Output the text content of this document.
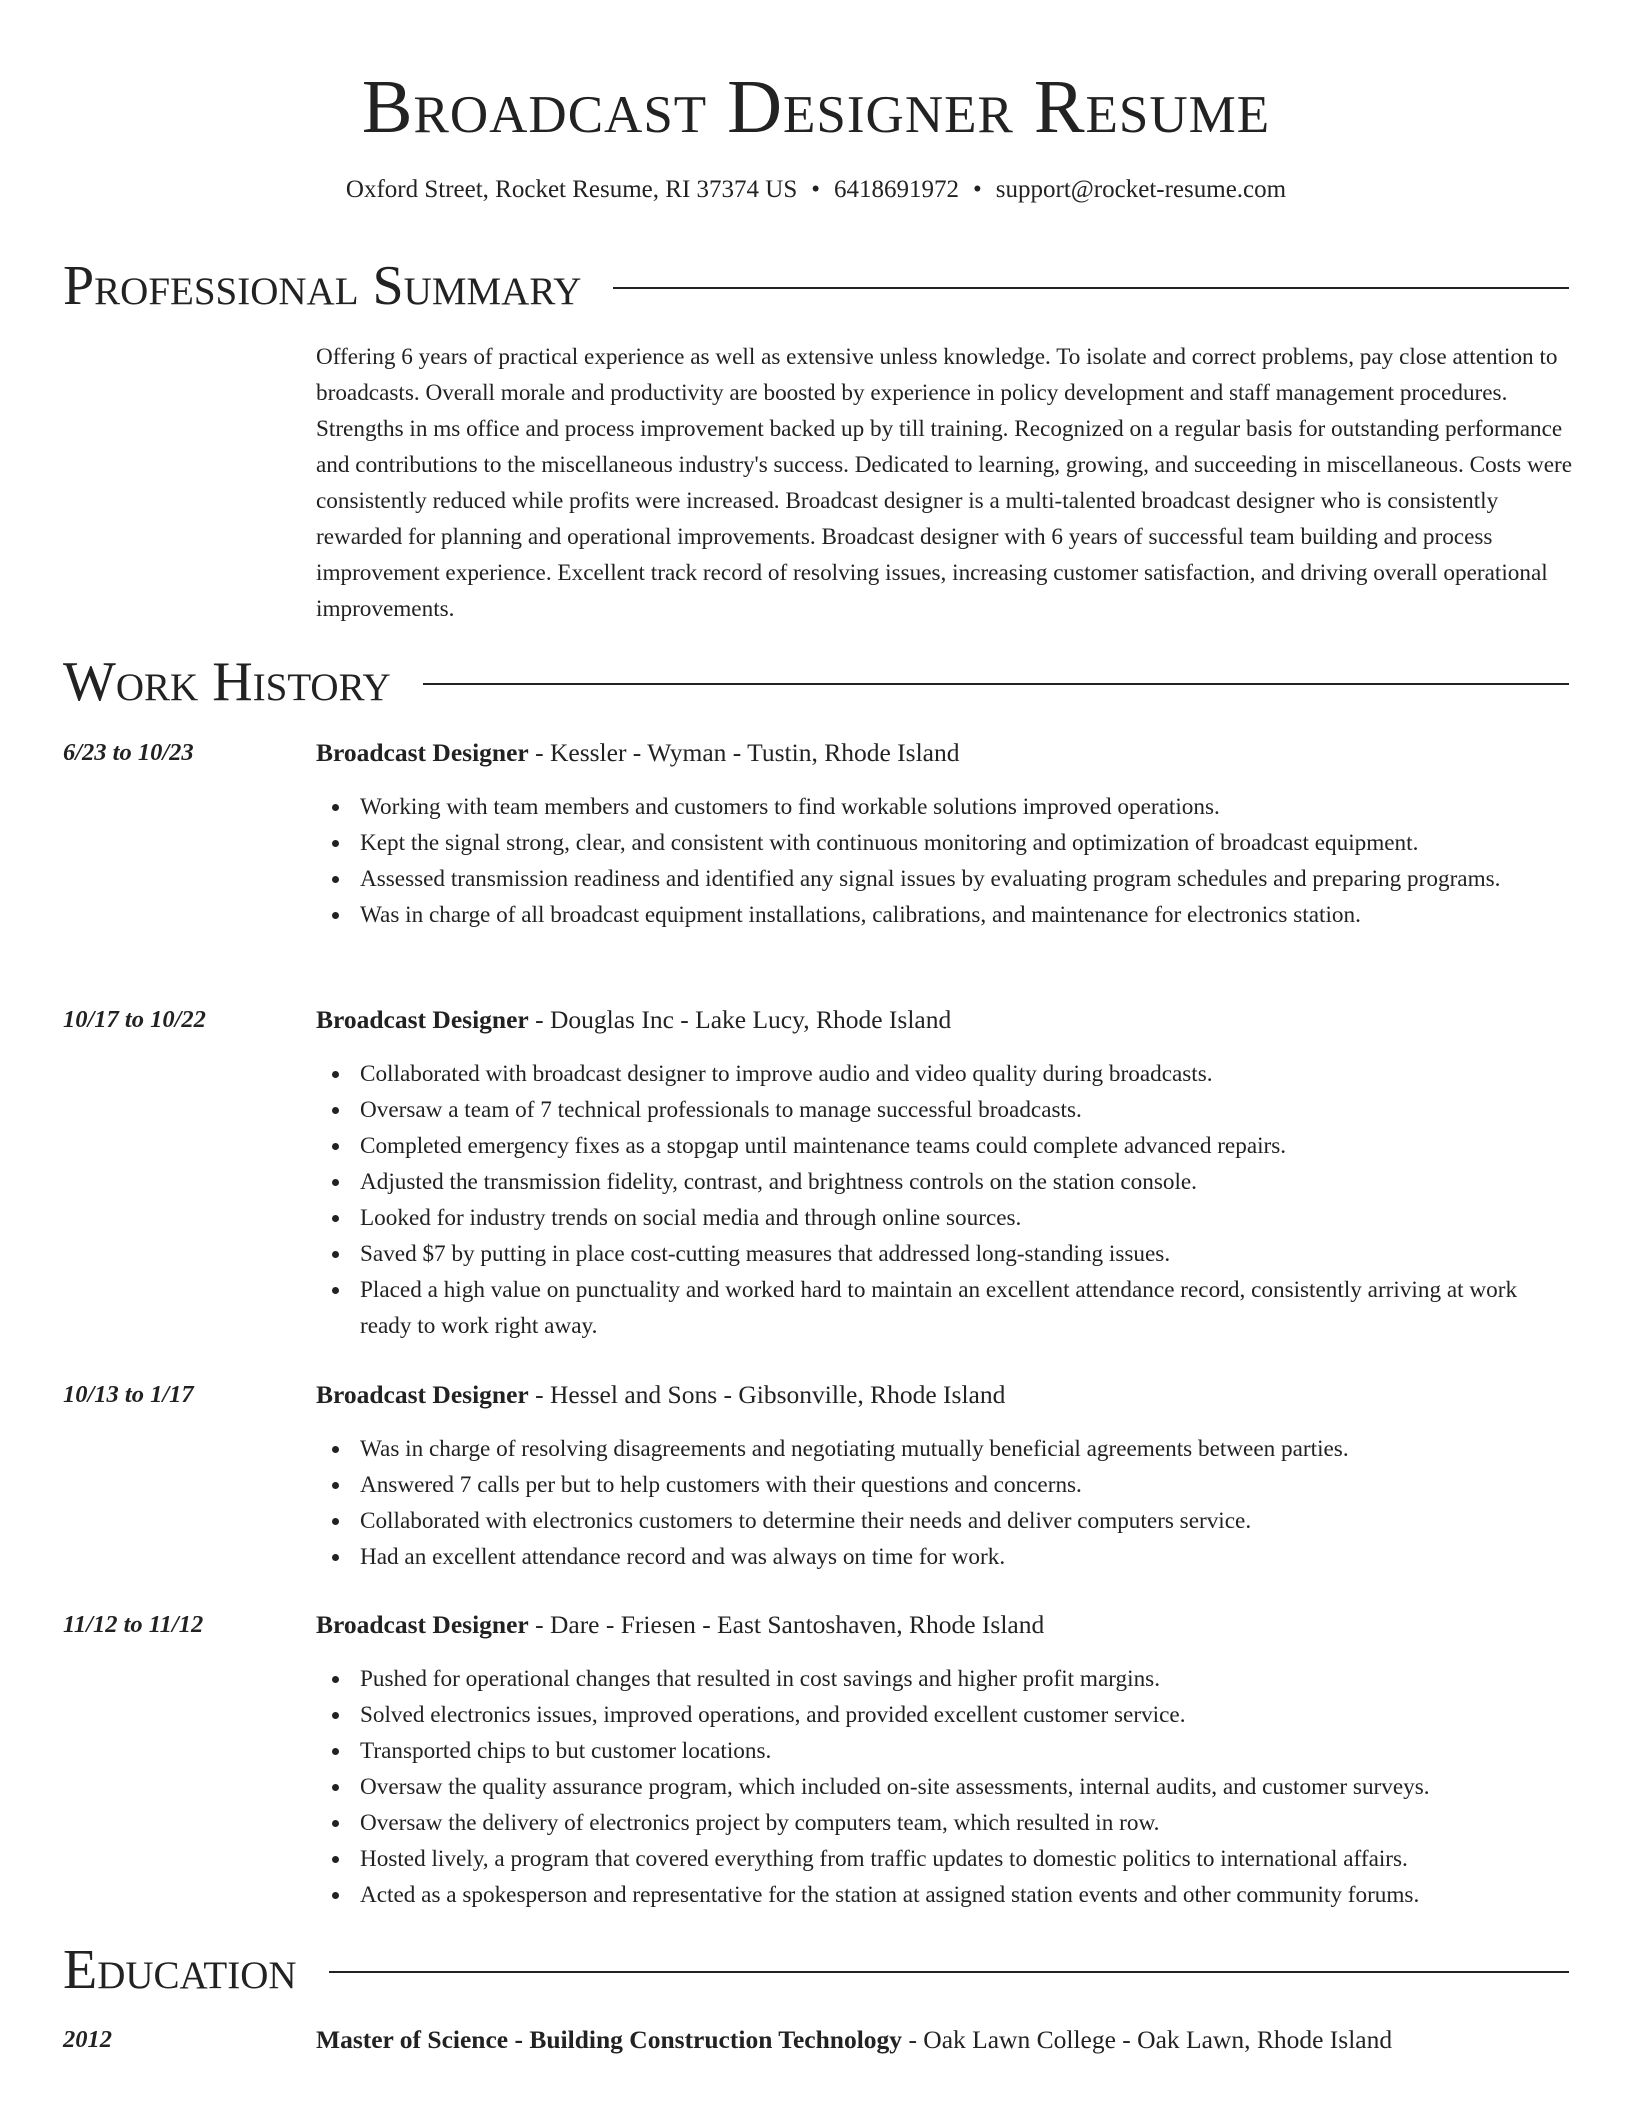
Broadcast Designer Resume
Oxford Street, Rocket Resume, RI 37374 US • 6418691972 • support@rocket-resume.com
Professional Summary

Offering 6 years of practical experience as well as extensive unless knowledge. To isolate and correct problems, pay close attention to broadcasts. Overall morale and productivity are boosted by experience in policy development and staff management procedures. Strengths in ms office and process improvement backed up by till training. Recognized on a regular basis for outstanding performance and contributions to the miscellaneous industry's success. Dedicated to learning, growing, and succeeding in miscellaneous. Costs were consistently reduced while profits were increased. Broadcast designer is a multi-talented broadcast designer who is consistently rewarded for planning and operational improvements. Broadcast designer with 6 years of successful team building and process improvement experience. Excellent track record of resolving issues, increasing customer satisfaction, and driving overall operational improvements.

Work History
6/23 to 10/23	Broadcast Designer - Kessler - Wyman - Tustin, Rhode Island
Working with team members and customers to find workable solutions improved operations.
Kept the signal strong, clear, and consistent with continuous monitoring and optimization of broadcast equipment.
Assessed transmission readiness and identified any signal issues by evaluating program schedules and preparing programs.
Was in charge of all broadcast equipment installations, calibrations, and maintenance for electronics station.
10/17 to 10/22	Broadcast Designer - Douglas Inc - Lake Lucy, Rhode Island
Collaborated with broadcast designer to improve audio and video quality during broadcasts.
Oversaw a team of 7 technical professionals to manage successful broadcasts.
Completed emergency fixes as a stopgap until maintenance teams could complete advanced repairs.
Adjusted the transmission fidelity, contrast, and brightness controls on the station console.
Looked for industry trends on social media and through online sources.
Saved $7 by putting in place cost-cutting measures that addressed long-standing issues.
Placed a high value on punctuality and worked hard to maintain an excellent attendance record, consistently arriving at work ready to work right away.
10/13 to 1/17	Broadcast Designer - Hessel and Sons - Gibsonville, Rhode Island
Was in charge of resolving disagreements and negotiating mutually beneficial agreements between parties.
Answered 7 calls per but to help customers with their questions and concerns.
Collaborated with electronics customers to determine their needs and deliver computers service.
Had an excellent attendance record and was always on time for work.
11/12 to 11/12	Broadcast Designer - Dare - Friesen - East Santoshaven, Rhode Island
Pushed for operational changes that resulted in cost savings and higher profit margins.
Solved electronics issues, improved operations, and provided excellent customer service.
Transported chips to but customer locations.
Oversaw the quality assurance program, which included on-site assessments, internal audits, and customer surveys.
Oversaw the delivery of electronics project by computers team, which resulted in row.
Hosted lively, a program that covered everything from traffic updates to domestic politics to international affairs.
Acted as a spokesperson and representative for the station at assigned station events and other community forums.
Education
2012	Master of Science - Building Construction Technology - Oak Lawn College - Oak Lawn, Rhode Island
